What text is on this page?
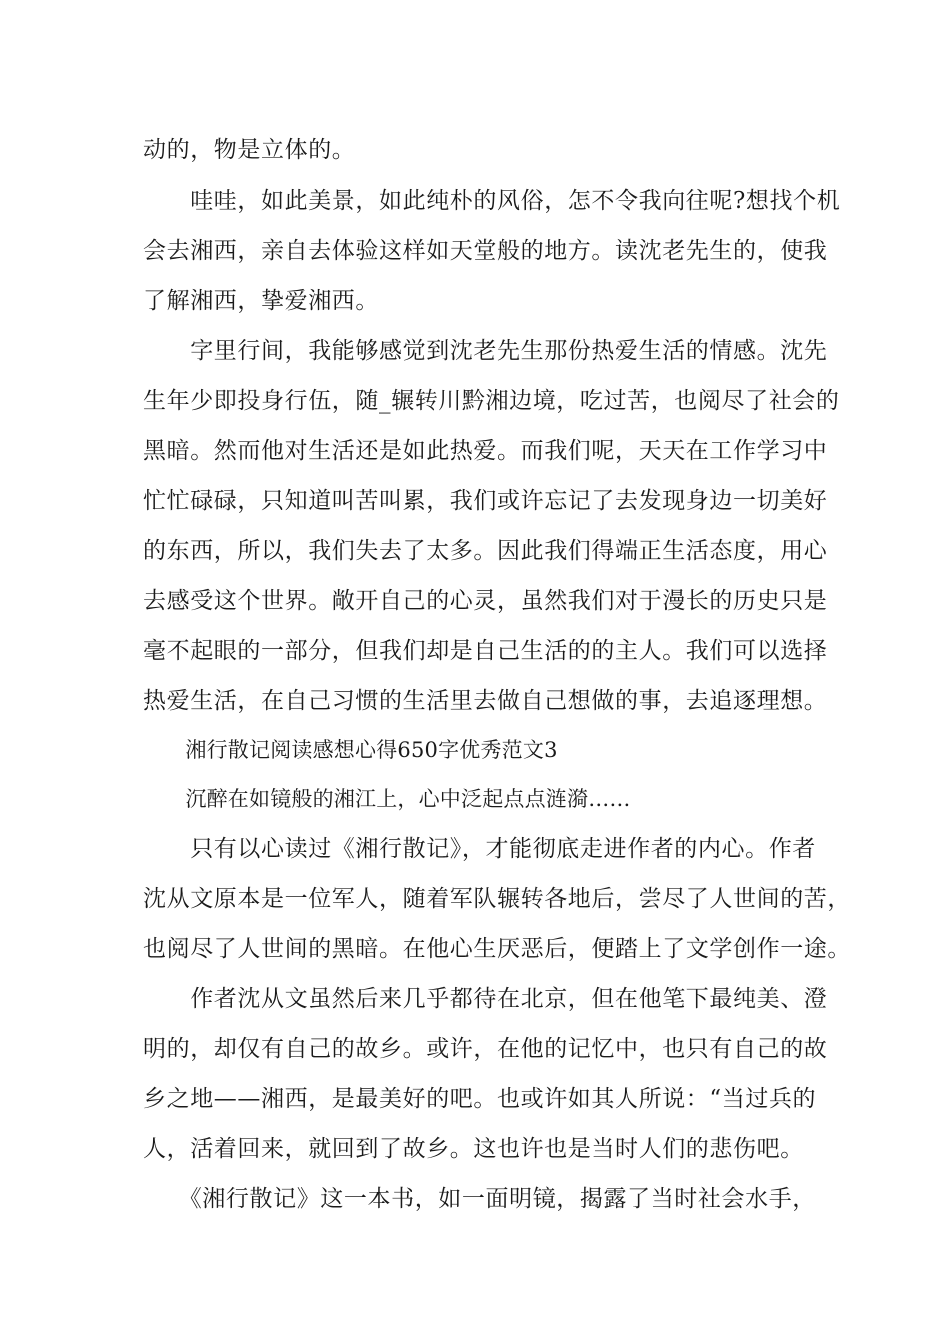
动的，物是立体的。
　　哇哇，如此美景，如此纯朴的风俗，怎不令我向往呢?想找个机
会去湘西，亲自去体验这样如天堂般的地方。读沈老先生的，使我
了解湘西，挚爱湘西。
　　字里行间，我能够感觉到沈老先生那份热爱生活的情感。沈先
生年少即投身行伍，随_辗转川黔湘边境，吃过苦，也阅尽了社会的
黑暗。然而他对生活还是如此热爱。而我们呢，天天在工作学习中
忙忙碌碌，只知道叫苦叫累，我们或许忘记了去发现身边一切美好
的东西，所以，我们失去了太多。因此我们得端正生活态度，用心
去感受这个世界。敞开自己的心灵，虽然我们对于漫长的历史只是
毫不起眼的一部分，但我们却是自己生活的的主人。我们可以选择
热爱生活，在自己习惯的生活里去做自己想做的事，去追逐理想。
　　湘行散记阅读感想心得650字优秀范文3
　　沉醉在如镜般的湘江上，心中泛起点点涟漪……
　　只有以心读过《湘行散记》，才能彻底走进作者的内心。作者
沈从文原本是一位军人，随着军队辗转各地后，尝尽了人世间的苦，
也阅尽了人世间的黑暗。在他心生厌恶后，便踏上了文学创作一途。
　　作者沈从文虽然后来几乎都待在北京，但在他笔下最纯美、澄
明的，却仅有自己的故乡。或许，在他的记忆中，也只有自己的故
乡之地——湘西，是最美好的吧。也或许如其人所说：“当过兵的
人，活着回来，就回到了故乡。这也许也是当时人们的悲伤吧。
　　《湘行散记》这一本书，如一面明镜，揭露了当时社会水手，
